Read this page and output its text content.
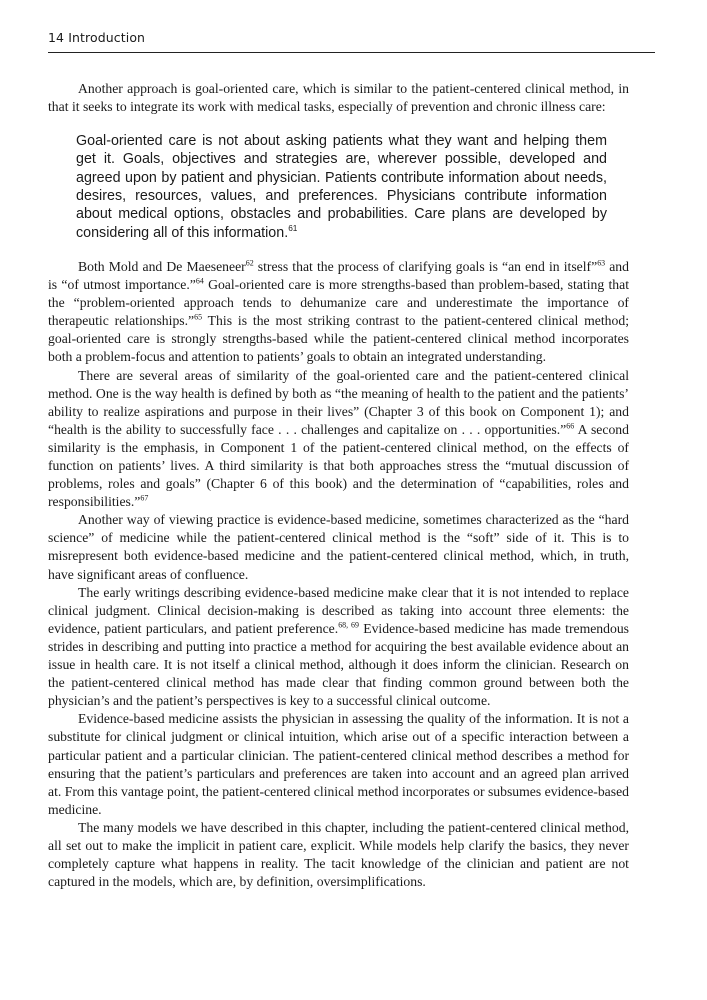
14 Introduction

Another approach is goal-oriented care, which is similar to the patient-centered clinical method, in that it seeks to integrate its work with medical tasks, especially of prevention and chronic illness care:

Goal-oriented care is not about asking patients what they want and helping them get it. Goals, objectives and strategies are, wherever possible, developed and agreed upon by patient and physician. Patients contribute information about needs, desires, resources, values, and preferences. Physicians contribute information about medical options, obstacles and probabilities. Care plans are developed by considering all of this information.$^{61}$

Both Mold and De Maeseneer$^{62}$ stress that the process of clarifying goals is “an end in itself”$^{63}$ and is “of utmost importance.”$^{64}$ Goal-oriented care is more strengths-based than problem-based, stating that the “problem-oriented approach tends to dehumanize care and underestimate the importance of therapeutic relationships.”$^{65}$ This is the most striking contrast to the patient-centered clinical method; goal-oriented care is strongly strengths-based while the patient-centered clinical method incorporates both a problem-focus and attention to patients’ goals to obtain an integrated understanding.

There are several areas of similarity of the goal-oriented care and the patient-centered clinical method. One is the way health is defined by both as “the meaning of health to the patient and the patients’ ability to realize aspirations and purpose in their lives” (Chapter 3 of this book on Component 1); and “health is the ability to successfully face . . . challenges and capitalize on . . . opportunities.”$^{66}$ A second similarity is the emphasis, in Component 1 of the patient-centered clinical method, on the effects of function on patients’ lives. A third similarity is that both approaches stress the “mutual discussion of problems, roles and goals” (Chapter 6 of this book) and the determination of “capabilities, roles and responsibilities.”$^{67}$

Another way of viewing practice is evidence-based medicine, sometimes characterized as the “hard science” of medicine while the patient-centered clinical method is the “soft” side of it. This is to misrepresent both evidence-based medicine and the patient-centered clinical method, which, in truth, have significant areas of confluence.

The early writings describing evidence-based medicine make clear that it is not intended to replace clinical judgment. Clinical decision-making is described as taking into account three elements: the evidence, patient particulars, and patient preference.$^{68, 69}$ Evidence-based medicine has made tremendous strides in describing and putting into practice a method for acquiring the best available evidence about an issue in health care. It is not itself a clinical method, although it does inform the clinician. Research on the patient-centered clinical method has made clear that finding common ground between both the physician’s and the patient’s perspectives is key to a successful clinical outcome.

Evidence-based medicine assists the physician in assessing the quality of the information. It is not a substitute for clinical judgment or clinical intuition, which arise out of a specific interaction between a particular patient and a particular clinician. The patient-centered clinical method describes a method for ensuring that the patient’s particulars and preferences are taken into account and an agreed plan arrived at. From this vantage point, the patient-centered clinical method incorporates or subsumes evidence-based medicine.

The many models we have described in this chapter, including the patient-centered clinical method, all set out to make the implicit in patient care, explicit. While models help clarify the basics, they never completely capture what happens in reality. The tacit knowledge of the clinician and patient are not captured in the models, which are, by definition, oversimplifications.
